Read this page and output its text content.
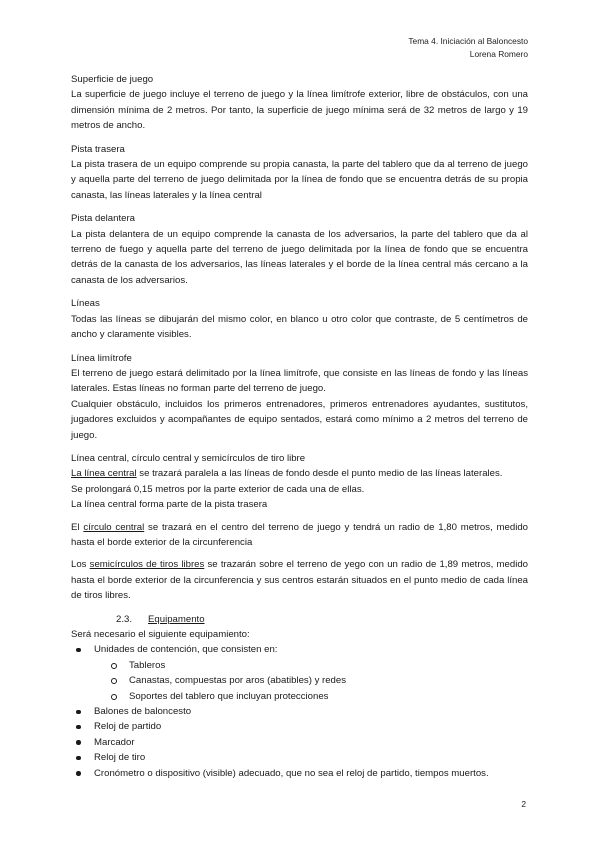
Tema 4. Iniciación al Baloncesto
Lorena Romero

Superficie de juego

La superficie de juego incluye el terreno de juego y la línea limítrofe exterior, libre de obstáculos, con una dimensión mínima de 2 metros. Por tanto, la superficie de juego mínima será de 32 metros de largo y 19 metros de ancho.

Pista trasera

La pista trasera de un equipo comprende su propia canasta, la parte del tablero que da al terreno de juego y aquella parte del terreno de juego delimitada por la línea de fondo que se encuentra detrás de su propia canasta, las líneas laterales y la línea central

Pista delantera

La pista delantera de un equipo comprende la canasta de los adversarios, la parte del tablero que da al terreno de fuego y aquella parte del terreno de juego delimitada por la línea de fondo que se encuentra detrás de la canasta de los adversarios, las líneas laterales y el borde de la línea central más cercano a la canasta de los adversarios.

Líneas

Todas las líneas se dibujarán del mismo color, en blanco u otro color que contraste, de 5 centímetros de ancho y claramente visibles.

Línea limítrofe

El terreno de juego estará delimitado por la línea limítrofe, que consiste en las líneas de fondo y las líneas laterales. Estas líneas no forman parte del terreno de juego.

Cualquier obstáculo, incluidos los primeros entrenadores, primeros entrenadores ayudantes, sustitutos, jugadores excluidos y acompañantes de equipo sentados, estará como mínimo a 2 metros del terreno de juego.

Línea central, círculo central y semicírculos de tiro libre

La línea central se trazará paralela a las líneas de fondo desde el punto medio de las líneas laterales.

Se prolongará 0,15 metros por la parte exterior de cada una de ellas.

La línea central forma parte de la pista trasera

El círculo central se trazará en el centro del terreno de juego y tendrá un radio de 1,80 metros, medido hasta el borde exterior de la circunferencia

Los semicírculos de tiros libres se trazarán sobre el terreno de yego con un radio de 1,89 metros, medido hasta el borde exterior de la circunferencia y sus centros estarán situados en el punto medio de cada línea de tiros libres.

2.3. Equipamento

Será necesario el siguiente equipamiento:

Unidades de contención, que consisten en:
Tableros
Canastas, compuestas por aros (abatibles) y redes
Soportes del tablero que incluyan protecciones
Balones de baloncesto
Reloj de partido
Marcador
Reloj de tiro
Cronómetro o dispositivo (visible) adecuado, que no sea el reloj de partido, tiempos muertos.
2
